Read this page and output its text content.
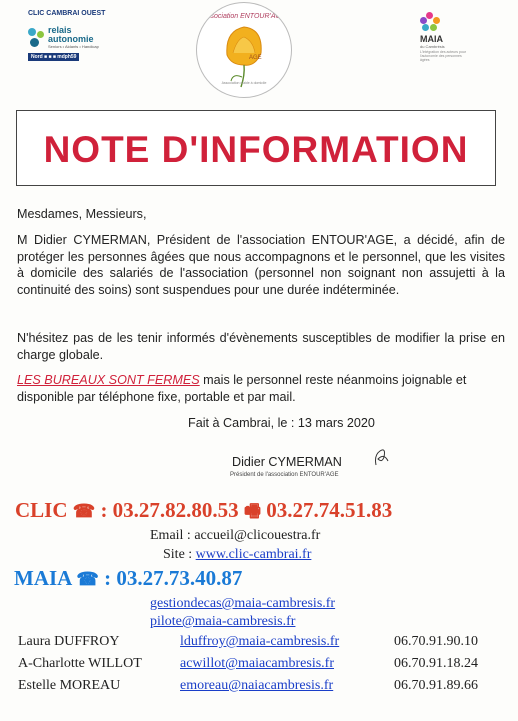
CLIC CAMBRAI OUEST
relais
autonomie
Seniors • Aidants • Handicap
Nord ■ ■ ■ mdph59
Association ENTOUR'AGE
AGE
Association d'aide à domicile
MAIA
du Cambrésis
L'intégration des acteurs pour l'autonomie des personnes âgées
NOTE D'INFORMATION
Mesdames, Messieurs,
M Didier CYMERMAN, Président de l'association ENTOUR'AGE, a décidé, afin de protéger les personnes âgées que nous accompagnons et le personnel, que les visites à domicile des salariés de l'association (personnel non soignant non assujetti à la continuité des soins) sont suspendues pour une durée indéterminée.
N'hésitez pas de les tenir informés d'évènements susceptibles de modifier la prise en charge globale.
LES BUREAUX SONT FERMES mais le personnel reste néanmoins joignable et disponible par téléphone fixe, portable et par mail.
Fait à Cambrai, le : 13 mars 2020
Didier CYMERMAN
Président de l'association ENTOUR'AGE
CLIC ☎ : 03.27.82.80.53 🖷 03.27.74.51.83
Email : accueil@clicouestra.fr
Site : www.clic-cambrai.fr
MAIA ☎ : 03.27.73.40.87
gestiondecas@maia-cambresis.fr
pilote@maia-cambresis.fr
Laura DUFFROY	lduffroy@maia-cambresis.fr	06.70.91.90.10
A-Charlotte WILLOT	acwillot@maiacambresis.fr	06.70.91.18.24
Estelle MOREAU	emoreau@naiacambresis.fr	06.70.91.89.66
